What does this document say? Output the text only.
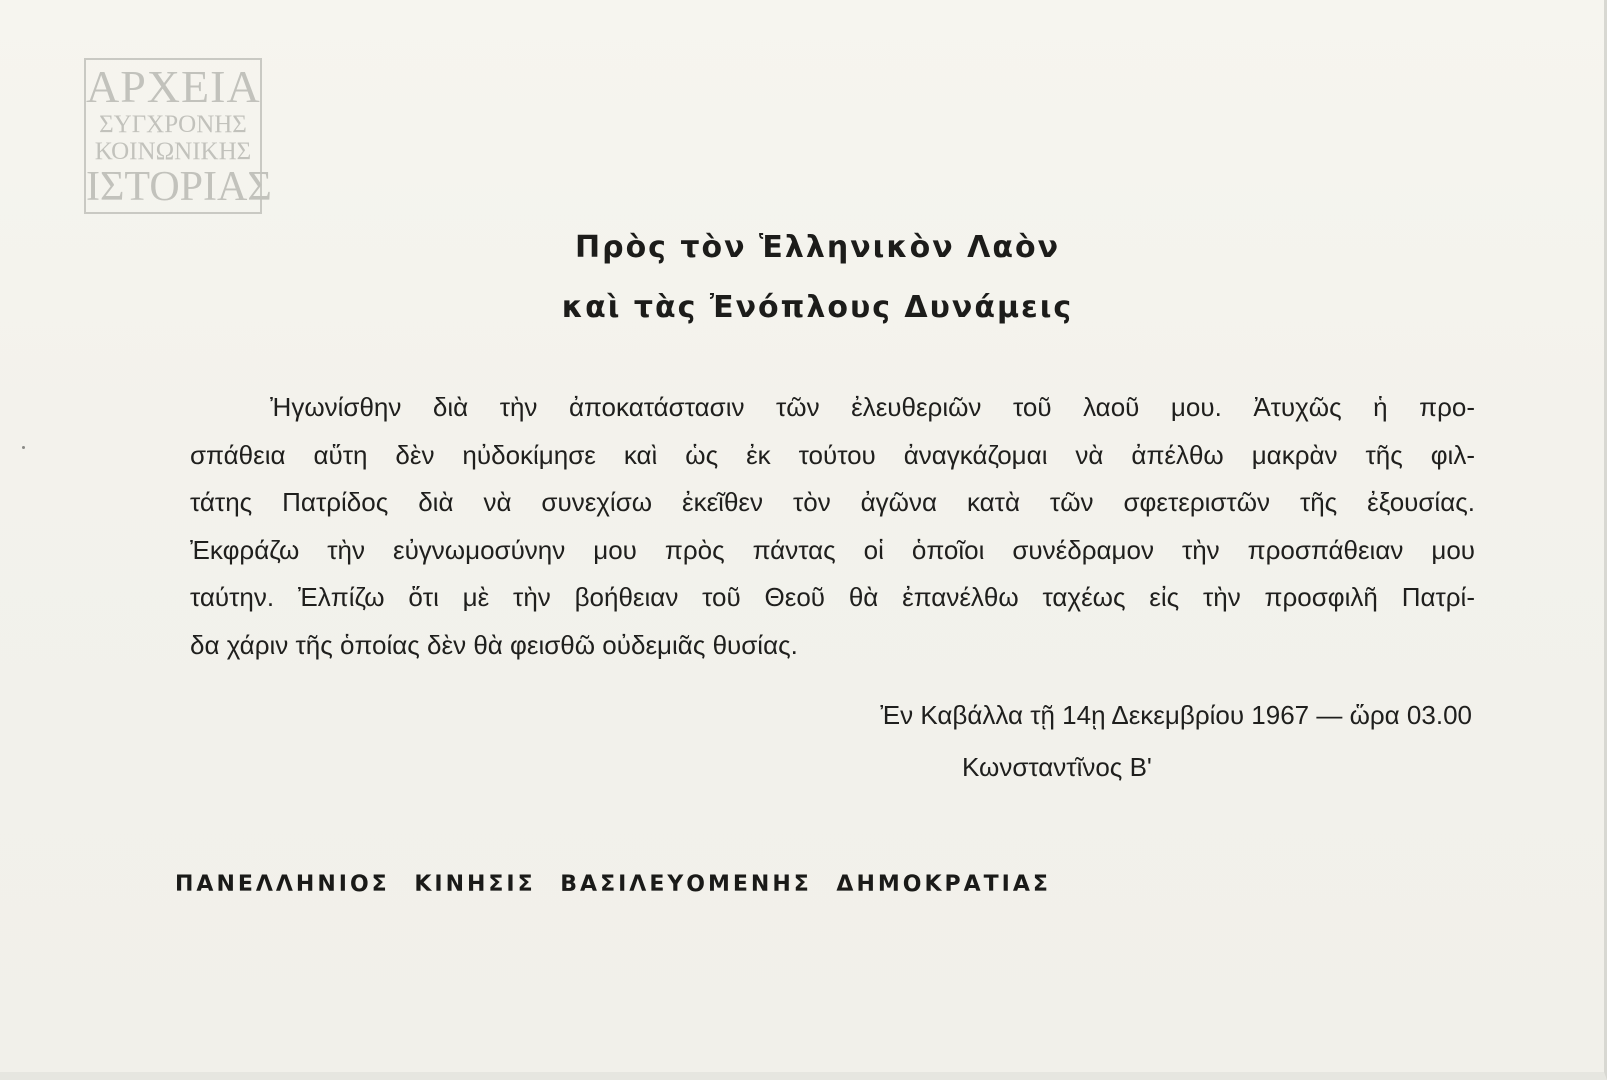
ΑΡΧΕΙΑ
ΣΥΓΧΡΟΝΗΣ
ΚΟΙΝΩΝΙΚΗΣ
ΙΣΤΟΡΙΑΣ
Πρὸς τὸν Ἑλληνικὸν Λαὸν
καὶ τὰς Ἐνόπλους Δυνάμεις
Ἠγωνίσθην διὰ τὴν ἀποκατάστασιν τῶν ἐλευθεριῶν τοῦ λαοῦ μου. Ἀτυχῶς ἡ προ-
σπάθεια αὕτη δὲν ηὐδοκίμησε καὶ ὡς ἐκ τούτου ἀναγκάζομαι νὰ ἀπέλθω μακρὰν τῆς φιλ-
τάτης Πατρίδος διὰ νὰ συνεχίσω ἐκεῖθεν τὸν ἀγῶνα κατὰ τῶν σφετεριστῶν τῆς ἐξουσίας.
Ἐκφράζω τὴν εὐγνωμοσύνην μου πρὸς πάντας οἱ ὁποῖοι συνέδραμον τὴν προσπάθειαν μου
ταύτην. Ἐλπίζω ὅτι μὲ τὴν βοήθειαν τοῦ Θεοῦ θὰ ἐπανέλθω ταχέως εἰς τὴν προσφιλῆ Πατρί-
δα χάριν τῆς ὁποίας δὲν θὰ φεισθῶ οὐδεμιᾶς θυσίας.
Ἐν Καβάλλα τῇ 14ῃ Δεκεμβρίου 1967 — ὥρα 03.00
Κωνσταντῖνος Β'
ΠΑΝΕΛΛΗΝΙΟΣ ΚΙΝΗΣΙΣ ΒΑΣΙΛΕΥΟΜΕΝΗΣ ΔΗΜΟΚΡΑΤΙΑΣ
